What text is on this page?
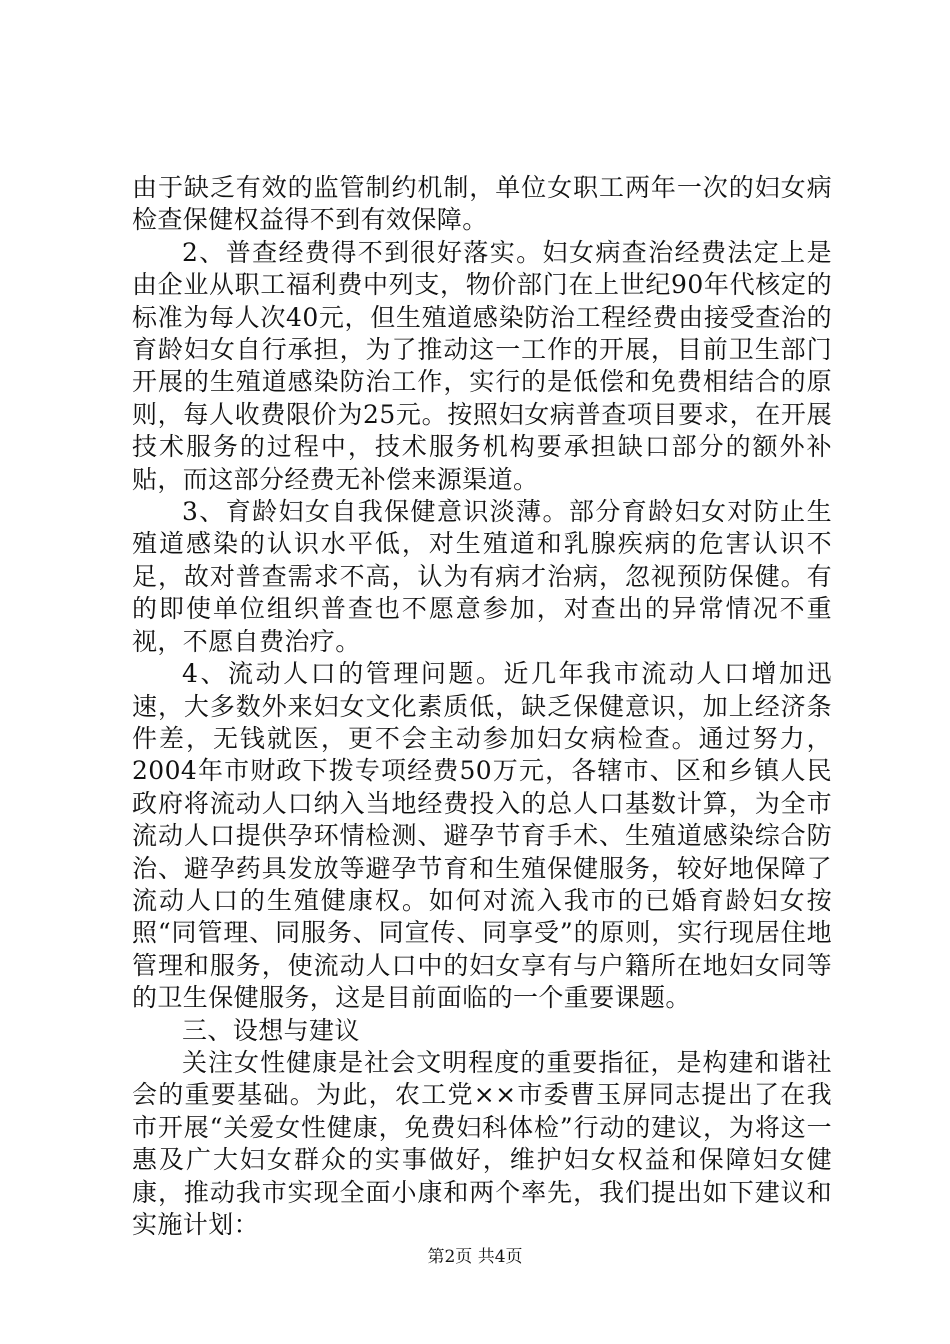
由于缺乏有效的监管制约机制，单位女职工两年一次的妇女病检查保健权益得不到有效保障。

2、普查经费得不到很好落实。妇女病查治经费法定上是由企业从职工福利费中列支，物价部门在上世纪90年代核定的标准为每人次40元，但生殖道感染防治工程经费由接受查治的育龄妇女自行承担，为了推动这一工作的开展，目前卫生部门开展的生殖道感染防治工作，实行的是低偿和免费相结合的原则，每人收费限价为25元。按照妇女病普查项目要求，在开展技术服务的过程中，技术服务机构要承担缺口部分的额外补贴，而这部分经费无补偿来源渠道。

3、育龄妇女自我保健意识淡薄。部分育龄妇女对防止生殖道感染的认识水平低，对生殖道和乳腺疾病的危害认识不足，故对普查需求不高，认为有病才治病，忽视预防保健。有的即使单位组织普查也不愿意参加，对查出的异常情况不重视，不愿自费治疗。

4、流动人口的管理问题。近几年我市流动人口增加迅速，大多数外来妇女文化素质低，缺乏保健意识，加上经济条件差，无钱就医，更不会主动参加妇女病检查。通过努力，2004年市财政下拨专项经费50万元，各辖市、区和乡镇人民政府将流动人口纳入当地经费投入的总人口基数计算，为全市流动人口提供孕环情检测、避孕节育手术、生殖道感染综合防治、避孕药具发放等避孕节育和生殖保健服务，较好地保障了流动人口的生殖健康权。如何对流入我市的已婚育龄妇女按照“同管理、同服务、同宣传、同享受”的原则，实行现居住地管理和服务，使流动人口中的妇女享有与户籍所在地妇女同等的卫生保健服务，这是目前面临的一个重要课题。

三、设想与建议

关注女性健康是社会文明程度的重要指征，是构建和谐社会的重要基础。为此，农工党××市委曹玉屏同志提出了在我市开展“关爱女性健康，免费妇科体检”行动的建议，为将这一惠及广大妇女群众的实事做好，维护妇女权益和保障妇女健康，推动我市实现全面小康和两个率先，我们提出如下建议和实施计划：

第2页 共4页
